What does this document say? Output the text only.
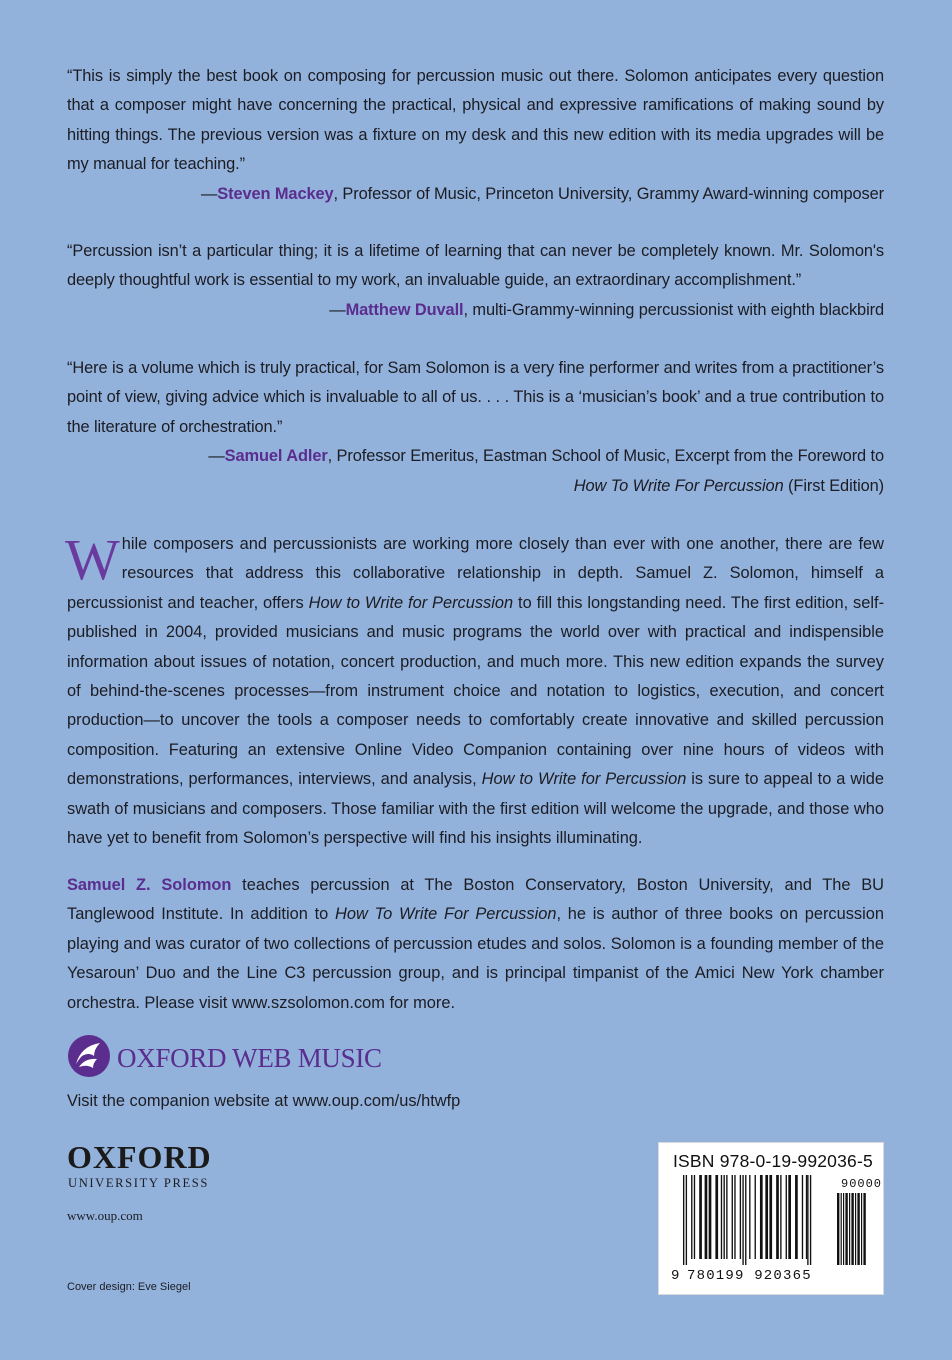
“This is simply the best book on composing for percussion music out there. Solomon anticipates every question that a composer might have concerning the practical, physical and expressive ramifications of making sound by hitting things. The previous version was a fixture on my desk and this new edition with its media upgrades will be my manual for teaching.”
—Steven Mackey, Professor of Music, Princeton University, Grammy Award-winning composer
“Percussion isn’t a particular thing; it is a lifetime of learning that can never be completely known. Mr. Solomon's deeply thoughtful work is essential to my work, an invaluable guide, an extraordinary accomplishment.”
—Matthew Duvall, multi-Grammy-winning percussionist with eighth blackbird
“Here is a volume which is truly practical, for Sam Solomon is a very fine performer and writes from a practitioner’s point of view, giving advice which is invaluable to all of us. . . . This is a ‘musician’s book’ and a true contribution to the literature of orchestration.”
—Samuel Adler, Professor Emeritus, Eastman School of Music, Excerpt from the Foreword to
How To Write For Percussion (First Edition)
While composers and percussionists are working more closely than ever with one another, there are few resources that address this collaborative relationship in depth. Samuel Z. Solomon, himself a percussionist and teacher, offers How to Write for Percussion to fill this longstanding need. The first edition, self-published in 2004, provided musicians and music programs the world over with practical and indispensible information about issues of notation, concert production, and much more. This new edition expands the survey of behind-the-scenes processes—from instrument choice and notation to logistics, execution, and concert production—to uncover the tools a composer needs to comfortably create innovative and skilled percussion composition. Featuring an extensive Online Video Companion containing over nine hours of videos with demonstrations, performances, interviews, and analysis, How to Write for Percussion is sure to appeal to a wide swath of musicians and composers. Those familiar with the first edition will welcome the upgrade, and those who have yet to benefit from Solomon’s perspective will find his insights illuminating.
Samuel Z. Solomon teaches percussion at The Boston Conservatory, Boston University, and The BU Tanglewood Institute. In addition to How To Write For Percussion, he is author of three books on percussion playing and was curator of two collections of percussion etudes and solos. Solomon is a founding member of the Yesaroun’ Duo and the Line C3 percussion group, and is principal timpanist of the Amici New York chamber orchestra. Please visit www.szsolomon.com for more.
OXFORD WEB MUSIC
Visit the companion website at www.oup.com/us/htwfp
OXFORD
UNIVERSITY PRESS
www.oup.com
Cover design: Eve Siegel
ISBN 978-0-19-992036-5
90000
9 780199 920365
